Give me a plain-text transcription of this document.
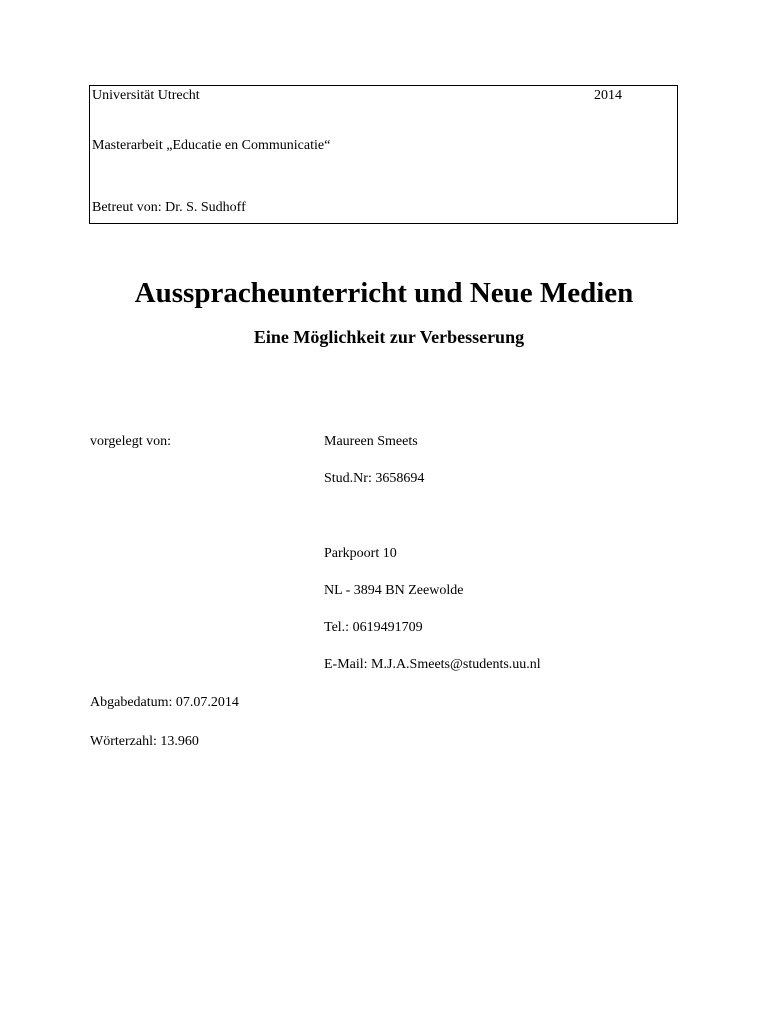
Universität Utrecht	2014
Masterarbeit „Educatie en Communicatie“
Betreut von: Dr. S. Sudhoff
Ausspracheunterricht und Neue Medien
Eine Möglichkeit zur Verbesserung
vorgelegt von:	Maureen Smeets
Stud.Nr: 3658694
Parkpoort 10
NL - 3894 BN Zeewolde
Tel.: 0619491709
E-Mail: M.J.A.Smeets@students.uu.nl
Abgabedatum: 07.07.2014
Wörterzahl: 13.960
